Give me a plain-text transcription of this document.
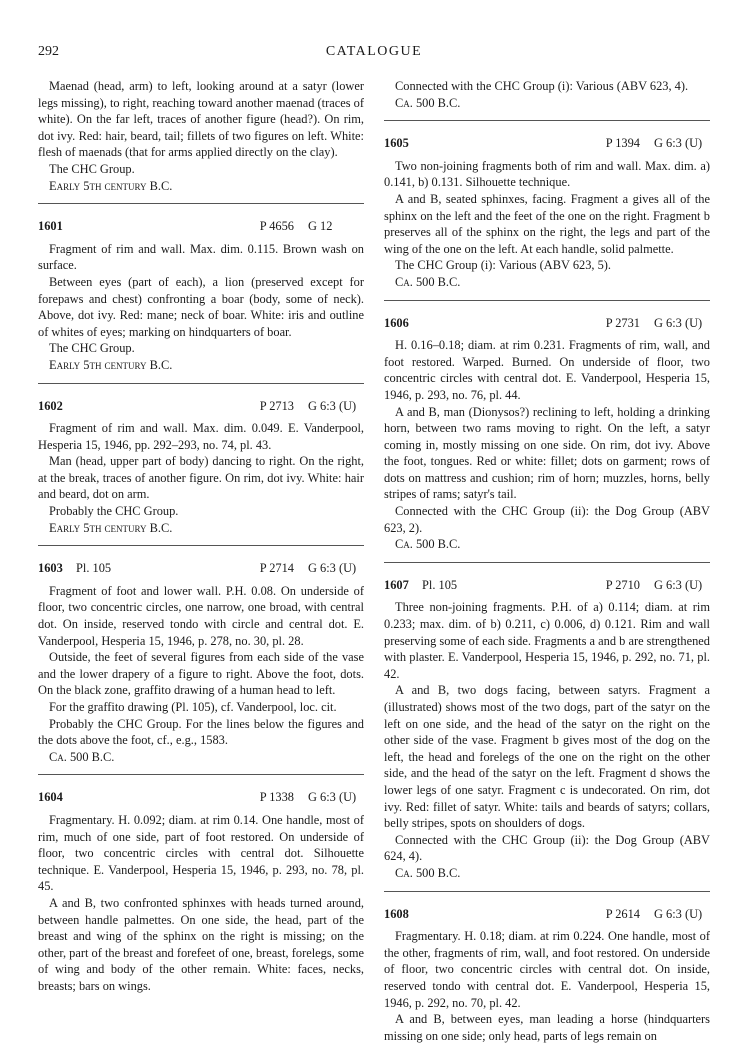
292	CATALOGUE

Maenad (head, arm) to left, looking around at a satyr (lower legs missing), to right, reaching toward another maenad (traces of white). On the far left, traces of another figure (head?). On rim, dot ivy. Red: hair, beard, tail; fillets of two figures on left. White: flesh of maenads (that for arms applied directly on the clay).

The CHC Group.

Early 5th century B.C.

1601	P 4656 G 12

Fragment of rim and wall. Max. dim. 0.115. Brown wash on surface.

Between eyes (part of each), a lion (preserved except for forepaws and chest) confronting a boar (body, some of neck). Above, dot ivy. Red: mane; neck of boar. White: iris and outline of whites of eyes; marking on hindquarters of boar.

The CHC Group.

Early 5th century B.C.

1602	P 2713 G 6:3 (U)

Fragment of rim and wall. Max. dim. 0.049. E. Vanderpool, Hesperia 15, 1946, pp. 292–293, no. 74, pl. 43.

Man (head, upper part of body) dancing to right. On the right, at the break, traces of another figure. On rim, dot ivy. White: hair and beard, dot on arm.

Probably the CHC Group.

Early 5th century B.C.

1603	Pl. 105	P 2714 G 6:3 (U)

Fragment of foot and lower wall. P.H. 0.08. On underside of floor, two concentric circles, one narrow, one broad, with central dot. On inside, reserved tondo with circle and central dot. E. Vanderpool, Hesperia 15, 1946, p. 278, no. 30, pl. 28.

Outside, the feet of several figures from each side of the vase and the lower drapery of a figure to right. Above the foot, dots. On the black zone, graffito drawing of a human head to left.

For the graffito drawing (Pl. 105), cf. Vanderpool, loc. cit.

Probably the CHC Group. For the lines below the figures and the dots above the foot, cf., e.g., 1583.

Ca. 500 B.C.

1604	P 1338 G 6:3 (U)

Fragmentary. H. 0.092; diam. at rim 0.14. One handle, most of rim, much of one side, part of foot restored. On underside of floor, two concentric circles with central dot. Silhouette technique. E. Vanderpool, Hesperia 15, 1946, p. 293, no. 78, pl. 45.

A and B, two confronted sphinxes with heads turned around, between handle palmettes. On one side, the head, part of the breast and wing of the sphinx on the right is missing; on the other, part of the breast and forefeet of one, breast, forelegs, some of wing and body of the other remain. White: faces, necks, breasts; bars on wings.

Connected with the CHC Group (i): Various (ABV 623, 4).

Ca. 500 B.C.

1605	P 1394 G 6:3 (U)

Two non-joining fragments both of rim and wall. Max. dim. a) 0.141, b) 0.131. Silhouette technique.

A and B, seated sphinxes, facing. Fragment a gives all of the sphinx on the left and the feet of the one on the right. Fragment b preserves all of the sphinx on the right, the legs and part of the wing of the one on the left. At each handle, solid palmette.

The CHC Group (i): Various (ABV 623, 5).

Ca. 500 B.C.

1606	P 2731 G 6:3 (U)

H. 0.16–0.18; diam. at rim 0.231. Fragments of rim, wall, and foot restored. Warped. Burned. On underside of floor, two concentric circles with central dot. E. Vanderpool, Hesperia 15, 1946, p. 293, no. 76, pl. 44.

A and B, man (Dionysos?) reclining to left, holding a drinking horn, between two rams moving to right. On the left, a satyr coming in, mostly missing on one side. On rim, dot ivy. Above the foot, tongues. Red or white: fillet; dots on garment; rows of dots on mattress and cushion; rim of horn; muzzles, horns, belly stripes of rams; satyr's tail.

Connected with the CHC Group (ii): the Dog Group (ABV 623, 2).

Ca. 500 B.C.

1607	Pl. 105	P 2710 G 6:3 (U)

Three non-joining fragments. P.H. of a) 0.114; diam. at rim 0.233; max. dim. of b) 0.211, c) 0.006, d) 0.121. Rim and wall preserving some of each side. Fragments a and b are strengthened with plaster. E. Vanderpool, Hesperia 15, 1946, p. 292, no. 71, pl. 42.

A and B, two dogs facing, between satyrs. Fragment a (illustrated) shows most of the two dogs, part of the satyr on the left on one side, and the head of the satyr on the right on the other side of the vase. Fragment b gives most of the dog on the left, the head and forelegs of the one on the right on the other side, and the head of the satyr on the left. Fragment d shows the lower legs of one satyr. Fragment c is undecorated. On rim, dot ivy. Red: fillet of satyr. White: tails and beards of satyrs; collars, belly stripes, spots on shoulders of dogs.

Connected with the CHC Group (ii): the Dog Group (ABV 624, 4).

Ca. 500 B.C.

1608	P 2614 G 6:3 (U)

Fragmentary. H. 0.18; diam. at rim 0.224. One handle, most of the other, fragments of rim, wall, and foot restored. On underside of floor, two concentric circles with central dot. On inside, reserved tondo with central dot. E. Vanderpool, Hesperia 15, 1946, p. 292, no. 70, pl. 42.

A and B, between eyes, man leading a horse (hindquarters missing on one side; only head, parts of legs remain on
